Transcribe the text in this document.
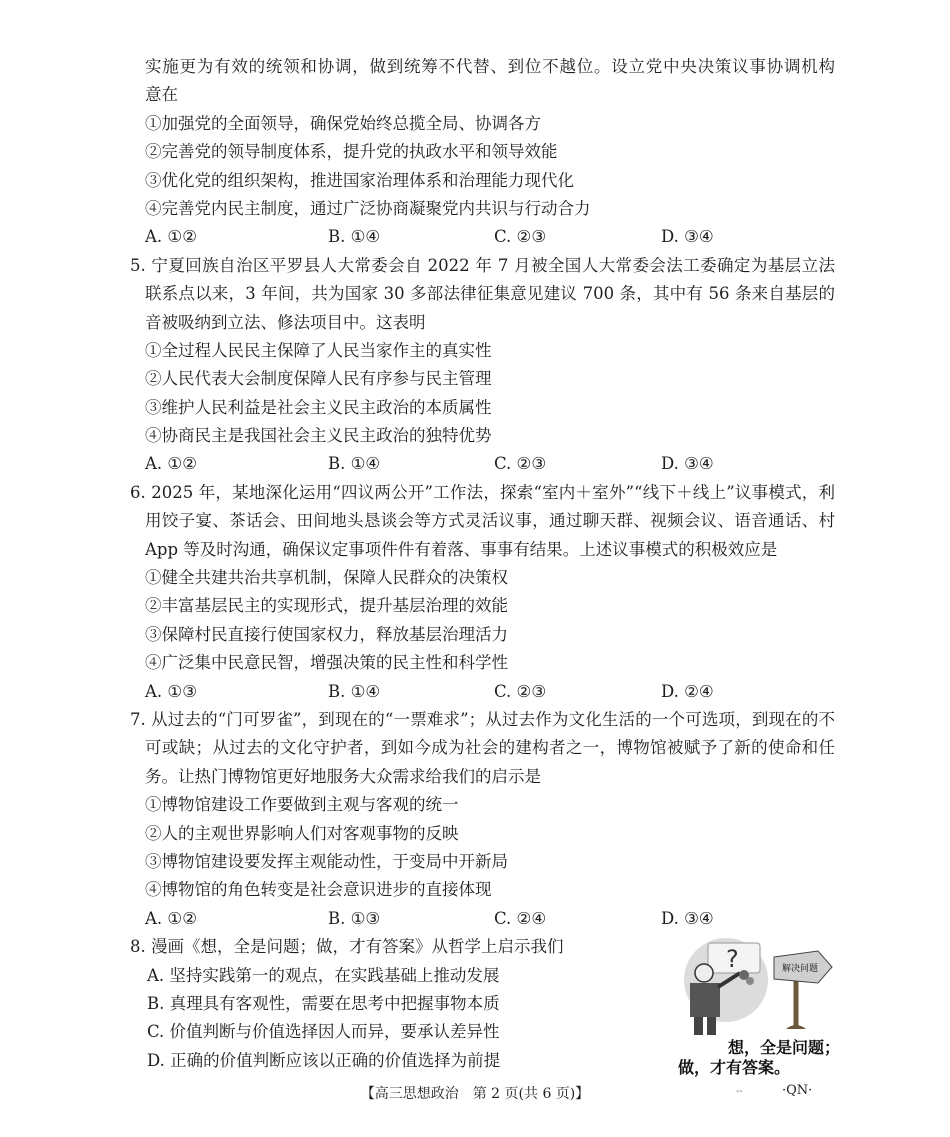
实施更为有效的统领和协调，做到统筹不代替、到位不越位。设立党中央决策议事协调机构
意在
①加强党的全面领导，确保党始终总揽全局、协调各方
②完善党的领导制度体系，提升党的执政水平和领导效能
③优化党的组织架构，推进国家治理体系和治理能力现代化
④完善党内民主制度，通过广泛协商凝聚党内共识与行动合力
A. ①②	B. ①④	C. ②③	D. ③④
5. 宁夏回族自治区平罗县人大常委会自 2022 年 7 月被全国人大常委会法工委确定为基层立法
联系点以来，3 年间，共为国家 30 多部法律征集意见建议 700 条，其中有 56 条来自基层的
音被吸纳到立法、修法项目中。这表明
①全过程人民民主保障了人民当家作主的真实性
②人民代表大会制度保障人民有序参与民主管理
③维护人民利益是社会主义民主政治的本质属性
④协商民主是我国社会主义民主政治的独特优势
A. ①②	B. ①④	C. ②③	D. ③④
6. 2025 年，某地深化运用“四议两公开”工作法，探索“室内＋室外”“线下＋线上”议事模式，利
用饺子宴、茶话会、田间地头恳谈会等方式灵活议事，通过聊天群、视频会议、语音通话、村
App 等及时沟通，确保议定事项件件有着落、事事有结果。上述议事模式的积极效应是
①健全共建共治共享机制，保障人民群众的决策权
②丰富基层民主的实现形式，提升基层治理的效能
③保障村民直接行使国家权力，释放基层治理活力
④广泛集中民意民智，增强决策的民主性和科学性
A. ①③	B. ①④	C. ②③	D. ②④
7. 从过去的“门可罗雀”，到现在的“一票难求”；从过去作为文化生活的一个可选项，到现在的不
可或缺；从过去的文化守护者，到如今成为社会的建构者之一，博物馆被赋予了新的使命和任
务。让热门博物馆更好地服务大众需求给我们的启示是
①博物馆建设工作要做到主观与客观的统一
②人的主观世界影响人们对客观事物的反映
③博物馆建设要发挥主观能动性，于变局中开新局
④博物馆的角色转变是社会意识进步的直接体现
A. ①②	B. ①③	C. ②④	D. ③④
8. 漫画《想，全是问题；做，才有答案》从哲学上启示我们
A. 坚持实践第一的观点，在实践基础上推动发展
B. 真理具有客观性，需要在思考中把握事物本质
C. 价值判断与价值选择因人而异，要承认差异性
D. 正确的价值判断应该以正确的价值选择为前提
?	解决问题
想，全是问题；
做，才有答案。
【高三思想政治　第 2 页(共 6 页)】	--	·QN·
